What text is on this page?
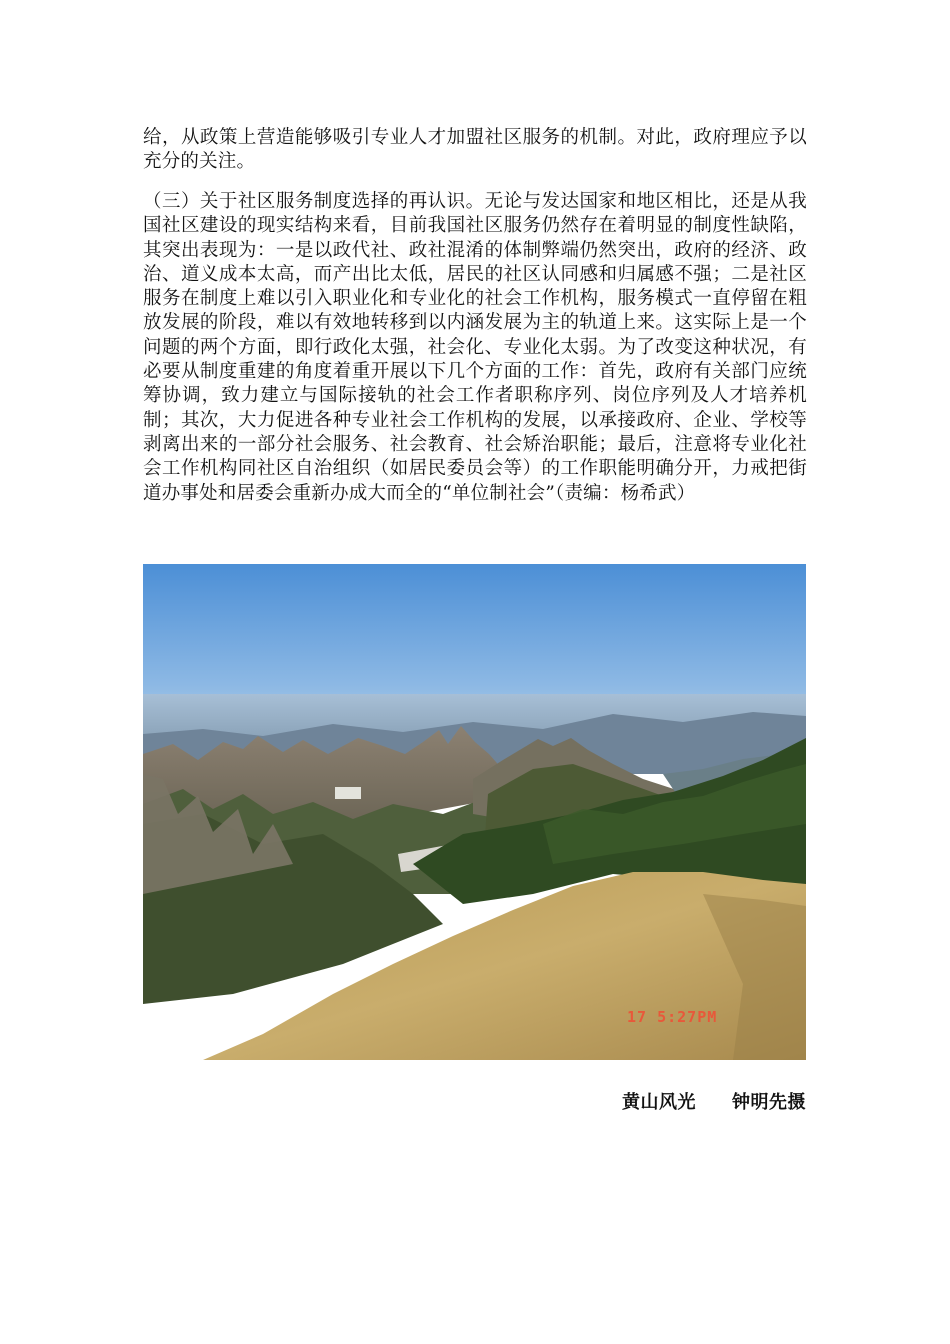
给，从政策上营造能够吸引专业人才加盟社区服务的机制。对此，政府理应予以充分的关注。

（三）关于社区服务制度选择的再认识。无论与发达国家和地区相比，还是从我国社区建设的现实结构来看，目前我国社区服务仍然存在着明显的制度性缺陷，其突出表现为：一是以政代社、政社混淆的体制弊端仍然突出，政府的经济、政治、道义成本太高，而产出比太低，居民的社区认同感和归属感不强；二是社区服务在制度上难以引入职业化和专业化的社会工作机构，服务模式一直停留在粗放发展的阶段，难以有效地转移到以内涵发展为主的轨道上来。这实际上是一个问题的两个方面，即行政化太强，社会化、专业化太弱。为了改变这种状况，有必要从制度重建的角度着重开展以下几个方面的工作：首先，政府有关部门应统筹协调，致力建立与国际接轨的社会工作者职称序列、岗位序列及人才培养机制；其次，大力促进各种专业社会工作机构的发展，以承接政府、企业、学校等剥离出来的一部分社会服务、社会教育、社会矫治职能；最后，注意将专业化社会工作机构同社区自治组织（如居民委员会等）的工作职能明确分开，力戒把街道办事处和居委会重新办成大而全的“单位制社会”（责编：杨希武）

17 5:27PM
黄山风光 钟明先摄
